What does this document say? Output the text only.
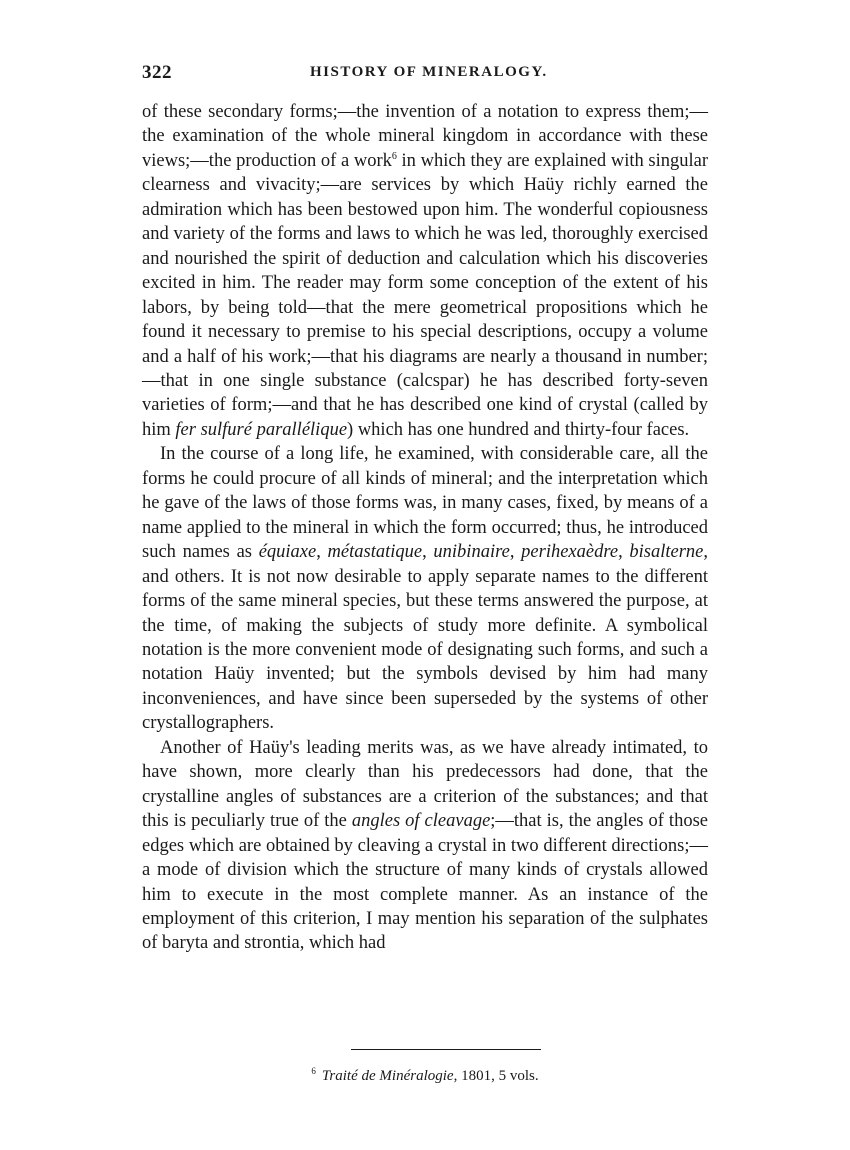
322	HISTORY OF MINERALOGY.

of these secondary forms;—the invention of a notation to express them;—the examination of the whole mineral kingdom in accordance with these views;—the production of a work$^6$ in which they are explained with singular clearness and vivacity;—are services by which Haüy richly earned the admiration which has been bestowed upon him. The wonderful copiousness and variety of the forms and laws to which he was led, thoroughly exercised and nourished the spirit of deduction and calculation which his discoveries excited in him. The reader may form some conception of the extent of his labors, by being told—that the mere geometrical propositions which he found it necessary to premise to his special descriptions, occupy a volume and a half of his work;—that his diagrams are nearly a thousand in number;—that in one single substance (calcspar) he has described forty-seven varieties of form;—and that he has described one kind of crystal (called by him fer sulfuré parallélique) which has one hundred and thirty-four faces.

In the course of a long life, he examined, with considerable care, all the forms he could procure of all kinds of mineral; and the interpretation which he gave of the laws of those forms was, in many cases, fixed, by means of a name applied to the mineral in which the form occurred; thus, he introduced such names as équiaxe, métastatique, unibinaire, perihexaèdre, bisalterne, and others. It is not now desirable to apply separate names to the different forms of the same mineral species, but these terms answered the purpose, at the time, of making the subjects of study more definite. A symbolical notation is the more convenient mode of designating such forms, and such a notation Haüy invented; but the symbols devised by him had many inconveniences, and have since been superseded by the systems of other crystallographers.

Another of Haüy's leading merits was, as we have already intimated, to have shown, more clearly than his predecessors had done, that the crystalline angles of substances are a criterion of the substances; and that this is peculiarly true of the angles of cleavage;—that is, the angles of those edges which are obtained by cleaving a crystal in two different directions;—a mode of division which the structure of many kinds of crystals allowed him to execute in the most complete manner. As an instance of the employment of this criterion, I may mention his separation of the sulphates of baryta and strontia, which had

$^6$ Traité de Minéralogie, 1801, 5 vols.
